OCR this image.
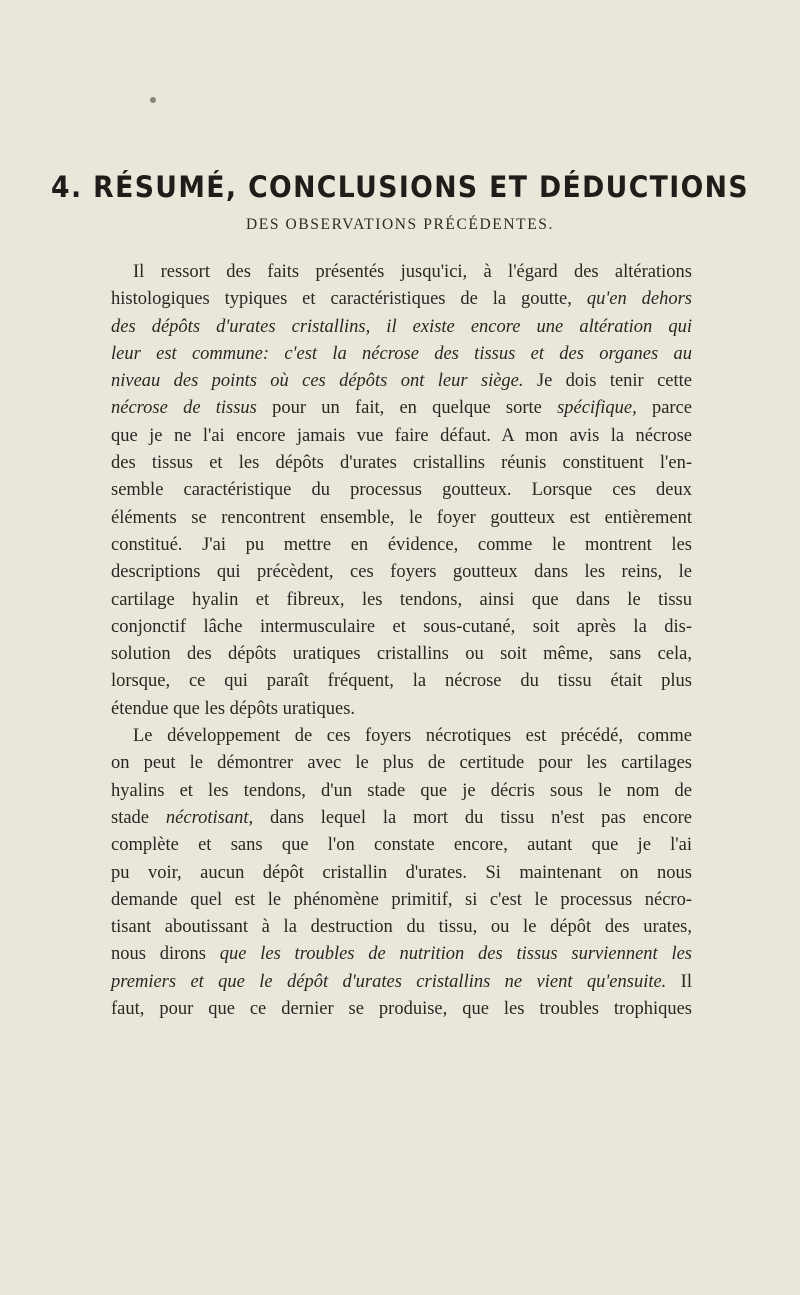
4. RÉSUMÉ, CONCLUSIONS ET DÉDUCTIONS
DES OBSERVATIONS PRÉCÉDENTES.
Il ressort des faits présentés jusqu'ici, à l'égard des altérations
histologiques typiques et caractéristiques de la goutte, qu'en dehors
des dépôts d'urates cristallins, il existe encore une altération qui
leur est commune: c'est la nécrose des tissus et des organes au
niveau des points où ces dépôts ont leur siège. Je dois tenir cette
nécrose de tissus pour un fait, en quelque sorte spécifique, parce
que je ne l'ai encore jamais vue faire défaut. A mon avis la nécrose
des tissus et les dépôts d'urates cristallins réunis constituent l'en-
semble caractéristique du processus goutteux. Lorsque ces deux
éléments se rencontrent ensemble, le foyer goutteux est entièrement
constitué. J'ai pu mettre en évidence, comme le montrent les
descriptions qui précèdent, ces foyers goutteux dans les reins, le
cartilage hyalin et fibreux, les tendons, ainsi que dans le tissu
conjonctif lâche intermusculaire et sous-cutané, soit après la dis-
solution des dépôts uratiques cristallins ou soit même, sans cela,
lorsque, ce qui paraît fréquent, la nécrose du tissu était plus
étendue que les dépôts uratiques.
Le développement de ces foyers nécrotiques est précédé, comme
on peut le démontrer avec le plus de certitude pour les cartilages
hyalins et les tendons, d'un stade que je décris sous le nom de
stade nécrotisant, dans lequel la mort du tissu n'est pas encore
complète et sans que l'on constate encore, autant que je l'ai
pu voir, aucun dépôt cristallin d'urates. Si maintenant on nous
demande quel est le phénomène primitif, si c'est le processus nécro-
tisant aboutissant à la destruction du tissu, ou le dépôt des urates,
nous dirons que les troubles de nutrition des tissus surviennent les
premiers et que le dépôt d'urates cristallins ne vient qu'ensuite. Il
faut, pour que ce dernier se produise, que les troubles trophiques
